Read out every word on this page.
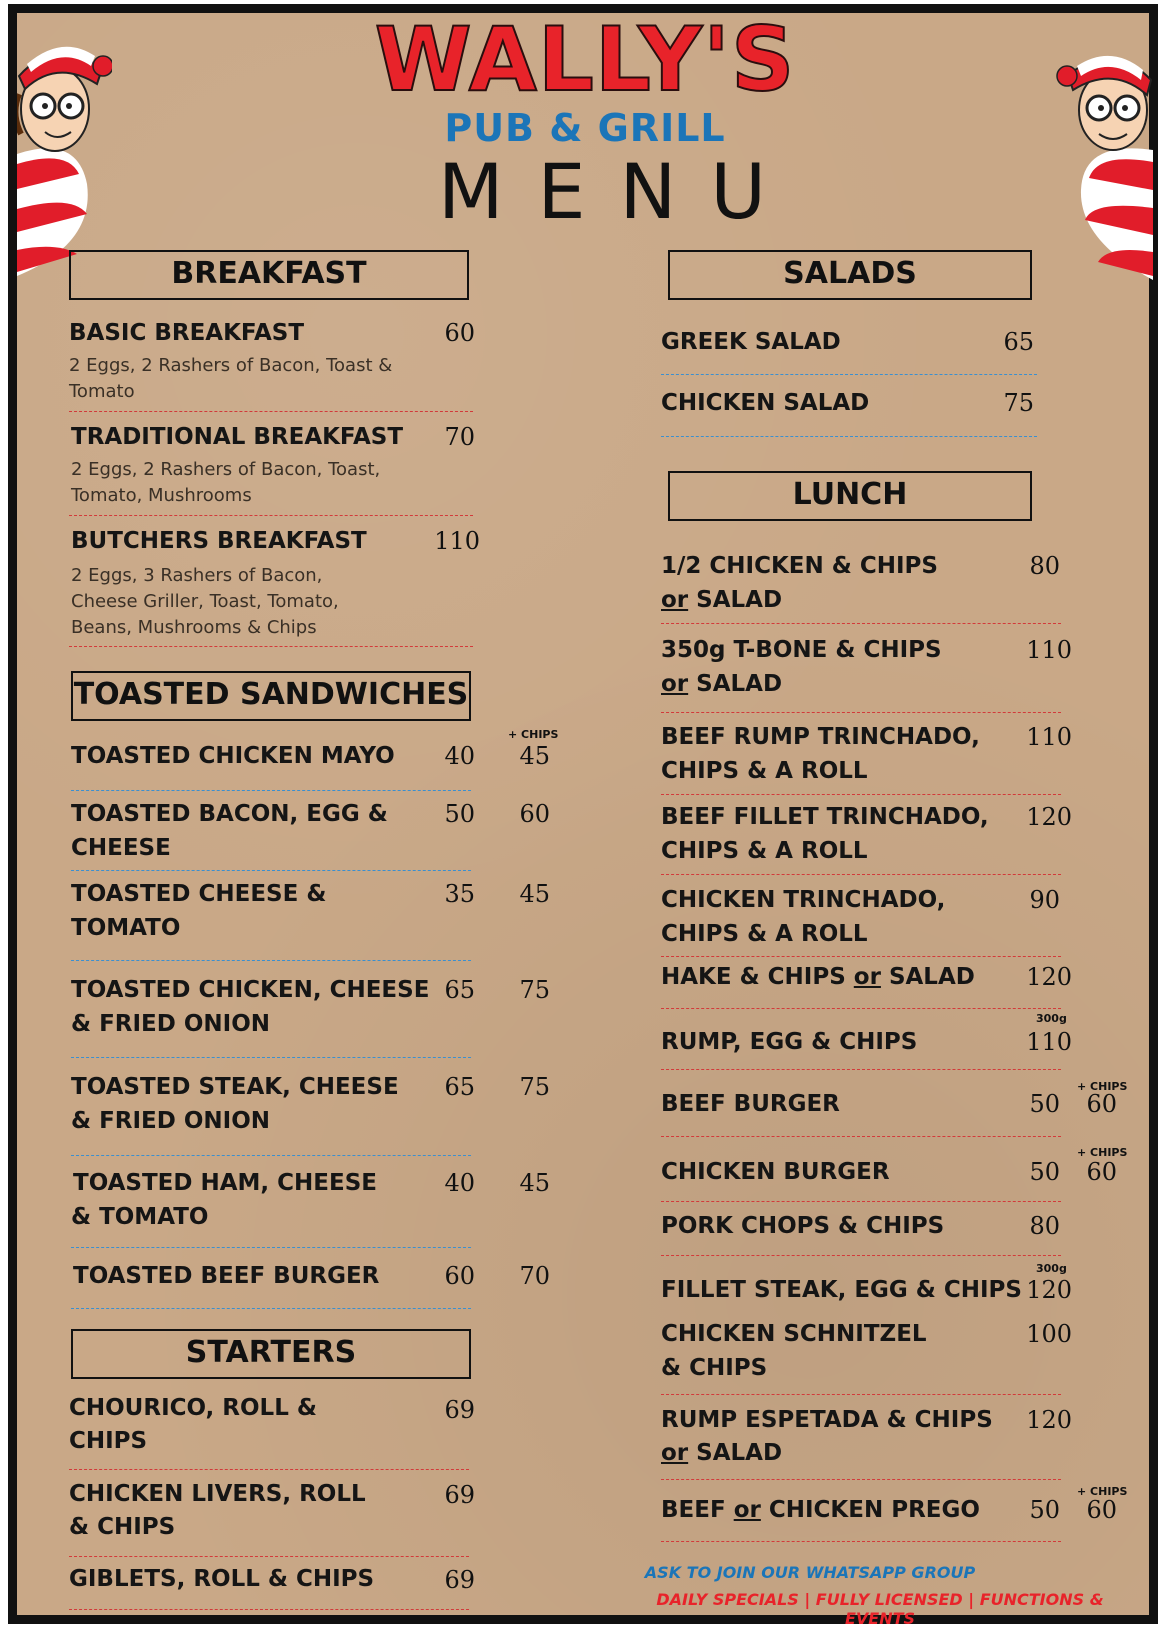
WALLY'S
PUB & GRILL
MENU
BREAKFAST
BASIC BREAKFAST	60
2 Eggs, 2 Rashers of Bacon, Toast & Tomato
TRADITIONAL BREAKFAST	70
2 Eggs, 2 Rashers of Bacon, Toast, Tomato, Mushrooms
BUTCHERS BREAKFAST	110
2 Eggs, 3 Rashers of Bacon, Cheese Griller, Toast, Tomato, Beans, Mushrooms & Chips
TOASTED SANDWICHES
+ CHIPS
TOASTED CHICKEN MAYO	40	45
TOASTED BACON, EGG &
CHEESE
50	60
TOASTED CHEESE &
TOMATO
35	45
TOASTED CHICKEN, CHEESE
& FRIED ONION
65	75
TOASTED STEAK, CHEESE
& FRIED ONION
65	75
TOASTED HAM, CHEESE
& TOMATO
40	45
TOASTED BEEF BURGER	60	70
STARTERS
CHOURICO, ROLL &
CHIPS
69
CHICKEN LIVERS, ROLL
& CHIPS
69
GIBLETS, ROLL & CHIPS	69
SALADS
GREEK SALAD	65
CHICKEN SALAD	75
LUNCH
1/2 CHICKEN & CHIPS
or SALAD
80
350g T-BONE & CHIPS
or SALAD
110
BEEF RUMP TRINCHADO,
CHIPS & A ROLL
110
BEEF FILLET TRINCHADO,
CHIPS & A ROLL
120
CHICKEN TRINCHADO,
CHIPS & A ROLL
90
HAKE & CHIPS or SALAD	120
300g
RUMP, EGG & CHIPS	110
+ CHIPS
BEEF BURGER	50	60
+ CHIPS
CHICKEN BURGER	50	60
PORK CHOPS & CHIPS	80
300g
FILLET STEAK, EGG & CHIPS 120
CHICKEN SCHNITZEL
& CHIPS
100
RUMP ESPETADA & CHIPS
or SALAD
120
+ CHIPS
BEEF or CHICKEN PREGO	50	60
ASK TO JOIN OUR WHATSAPP GROUP
DAILY SPECIALS | FULLY LICENSED | FUNCTIONS & EVENTS
